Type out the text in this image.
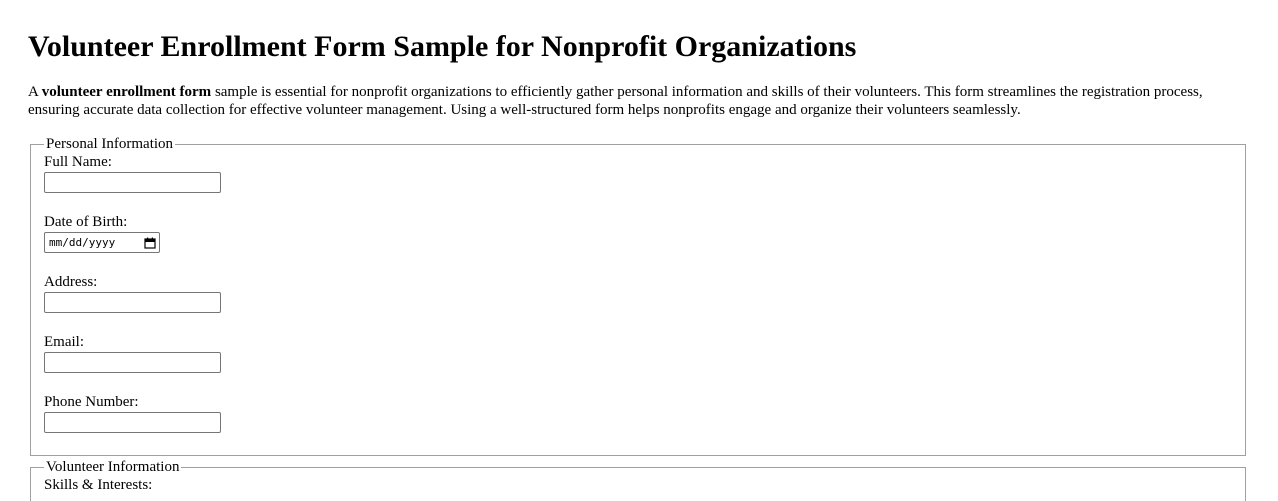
Volunteer Enrollment Form Sample for Nonprofit Organizations

A volunteer enrollment form sample is essential for nonprofit organizations to efficiently gather personal information and skills of their volunteers. This form streamlines the registration process, ensuring accurate data collection for effective volunteer management. Using a well-structured form helps nonprofits engage and organize their volunteers seamlessly.

Personal Information
Full Name:
Date of Birth:
mm/dd/yyyy
Address:
Email:
Phone Number:
Volunteer Information
Skills & Interests:
